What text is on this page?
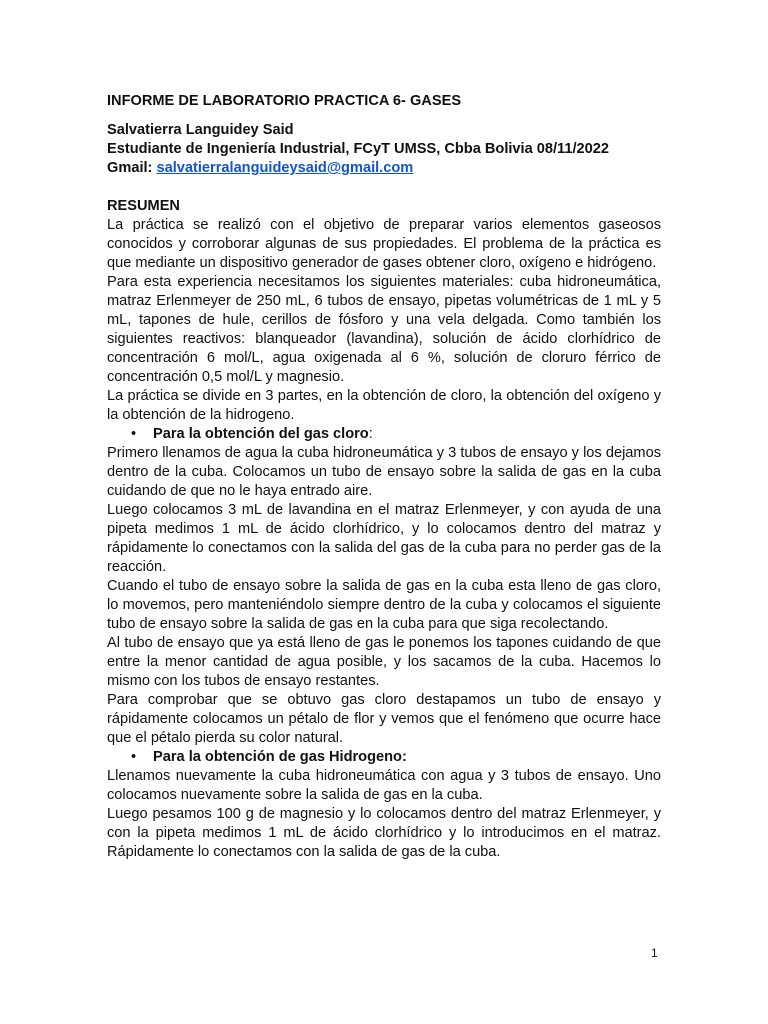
INFORME DE LABORATORIO PRACTICA 6- GASES
Salvatierra Languidey Said
Estudiante de Ingeniería Industrial, FCyT UMSS, Cbba Bolivia 08/11/2022
Gmail: salvatierralanguideysaid@gmail.com
RESUMEN

La práctica se realizó con el objetivo de preparar varios elementos gaseosos conocidos y corroborar algunas de sus propiedades. El problema de la práctica es que mediante un dispositivo generador de gases obtener cloro, oxígeno e hidrógeno.

Para esta experiencia necesitamos los siguientes materiales: cuba hidroneumática, matraz Erlenmeyer de 250 mL, 6 tubos de ensayo, pipetas volumétricas de 1 mL y 5 mL, tapones de hule, cerillos de fósforo y una vela delgada. Como también los siguientes reactivos: blanqueador (lavandina), solución de ácido clorhídrico de concentración 6 mol/L, agua oxigenada al 6 %, solución de cloruro férrico de concentración 0,5 mol/L y magnesio.

La práctica se divide en 3 partes, en la obtención de cloro, la obtención del oxígeno y la obtención de la hidrogeno.

• Para la obtención del gas cloro:

Primero llenamos de agua la cuba hidroneumática y 3 tubos de ensayo y los dejamos dentro de la cuba. Colocamos un tubo de ensayo sobre la salida de gas en la cuba cuidando de que no le haya entrado aire.

Luego colocamos 3 mL de lavandina en el matraz Erlenmeyer, y con ayuda de una pipeta medimos 1 mL de ácido clorhídrico, y lo colocamos dentro del matraz y rápidamente lo conectamos con la salida del gas de la cuba para no perder gas de la reacción.

Cuando el tubo de ensayo sobre la salida de gas en la cuba esta lleno de gas cloro, lo movemos, pero manteniéndolo siempre dentro de la cuba y colocamos el siguiente tubo de ensayo sobre la salida de gas en la cuba para que siga recolectando.

Al tubo de ensayo que ya está lleno de gas le ponemos los tapones cuidando de que entre la menor cantidad de agua posible, y los sacamos de la cuba. Hacemos lo mismo con los tubos de ensayo restantes.

Para comprobar que se obtuvo gas cloro destapamos un tubo de ensayo y rápidamente colocamos un pétalo de flor y vemos que el fenómeno que ocurre hace que el pétalo pierda su color natural.

• Para la obtención de gas Hidrogeno:

Llenamos nuevamente la cuba hidroneumática con agua y 3 tubos de ensayo. Uno colocamos nuevamente sobre la salida de gas en la cuba.

Luego pesamos 100 g de magnesio y lo colocamos dentro del matraz Erlenmeyer, y con la pipeta medimos 1 mL de ácido clorhídrico y lo introducimos en el matraz. Rápidamente lo conectamos con la salida de gas de la cuba.

1
